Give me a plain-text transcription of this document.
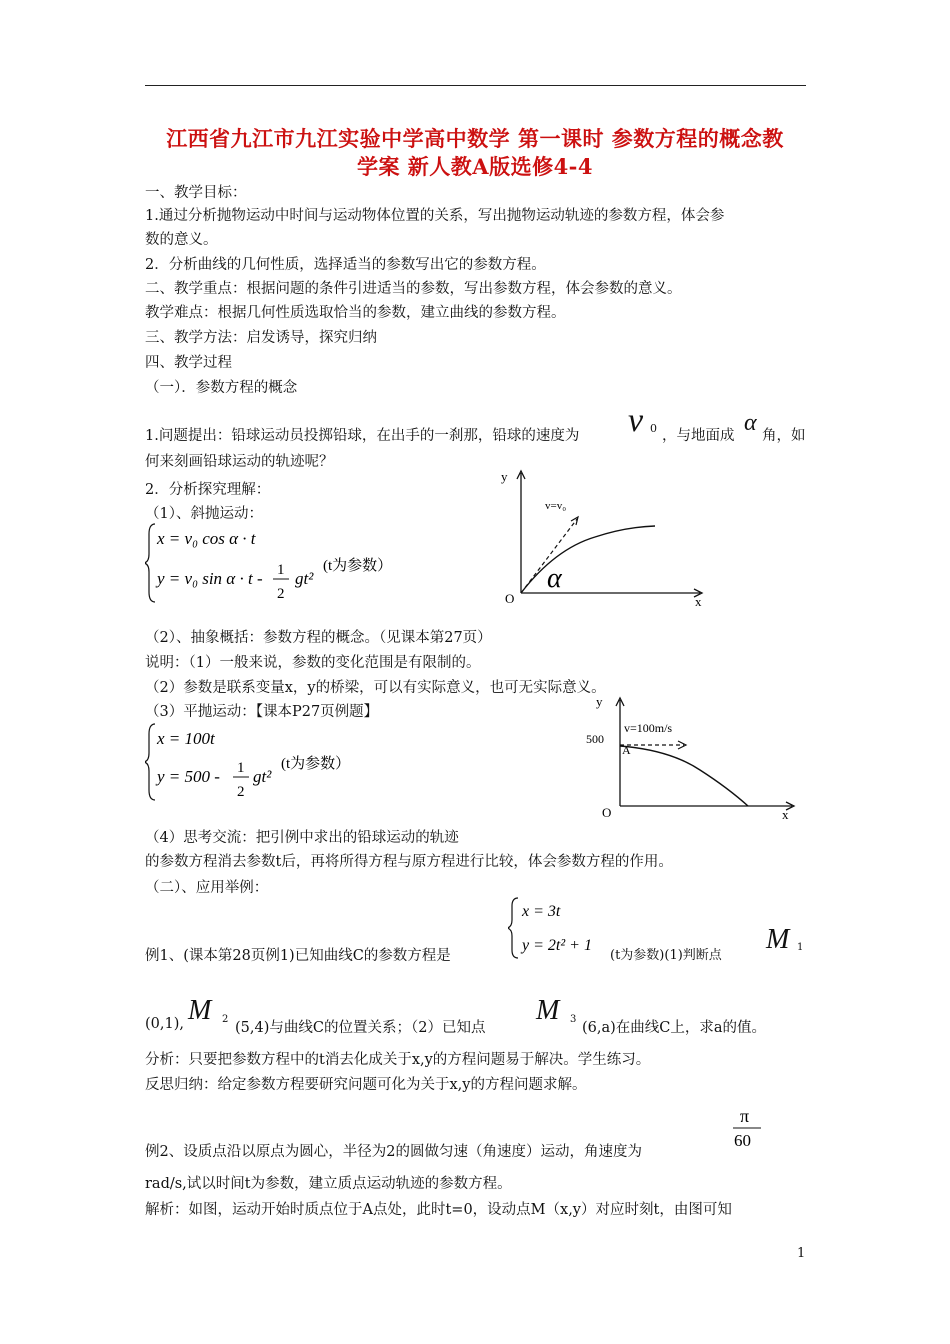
江西省九江市九江实验中学高中数学 第一课时 参数方程的概念教
学案 新人教A版选修4-4
一、教学目标：
1.通过分析抛物运动中时间与运动物体位置的关系，写出抛物运动轨迹的参数方程，体会参
数的意义。
2．分析曲线的几何性质，选择适当的参数写出它的参数方程。
二、教学重点：根据问题的条件引进适当的参数，写出参数方程，体会参数的意义。
教学难点：根据几何性质选取恰当的参数，建立曲线的参数方程。
三、教学方法：启发诱导，探究归纳
四、教学过程
（一）．参数方程的概念
1.问题提出：铅球运动员投掷铅球，在出手的一刹那，铅球的速度为 v 0 ，与地面成 α 角，如
何来刻画铅球运动的轨迹呢？
2．分析探究理解：
（1）、斜抛运动：
x = v₀ cos α · t
y = v₀ sin α · t - 1
2
gt²
(t为参数）
y
x
O
v=v₀
α
（2）、抽象概括：参数方程的概念。（见课本第27页）
说明：（1）一般来说，参数的变化范围是有限制的。
（2）参数是联系变量x，y的桥梁，可以有实际意义，也可无实际意义。
（3）平抛运动：【课本P27页例题】
x = 100t
y = 500 - 1
2
gt²
(t为参数）
y
x
O
500
A
v=100m/s
（4）思考交流：把引例中求出的铅球运动的轨迹
的参数方程消去参数t后，再将所得方程与原方程进行比较，体会参数方程的作用。
（二）、应用举例：
例1、(课本第28页例1)已知曲线C的参数方程是
x = 3t
y = 2t² + 1
(t为参数)(1)判断点
M 1
(0,1), M 2
(5,4)与曲线C的位置关系；（2）已知点
M 3
(6,a)在曲线C上，求a的值。
分析：只要把参数方程中的t消去化成关于x,y的方程问题易于解决。学生练习。
反思归纳：给定参数方程要研究问题可化为关于x,y的方程问题求解。
例2、设质点沿以原点为圆心，半径为2的圆做匀速（角速度）运动，角速度为
π
60
rad/s,试以时间t为参数，建立质点运动轨迹的参数方程。
解析：如图，运动开始时质点位于A点处，此时t=0，设动点M（x,y）对应时刻t，由图可知
1
